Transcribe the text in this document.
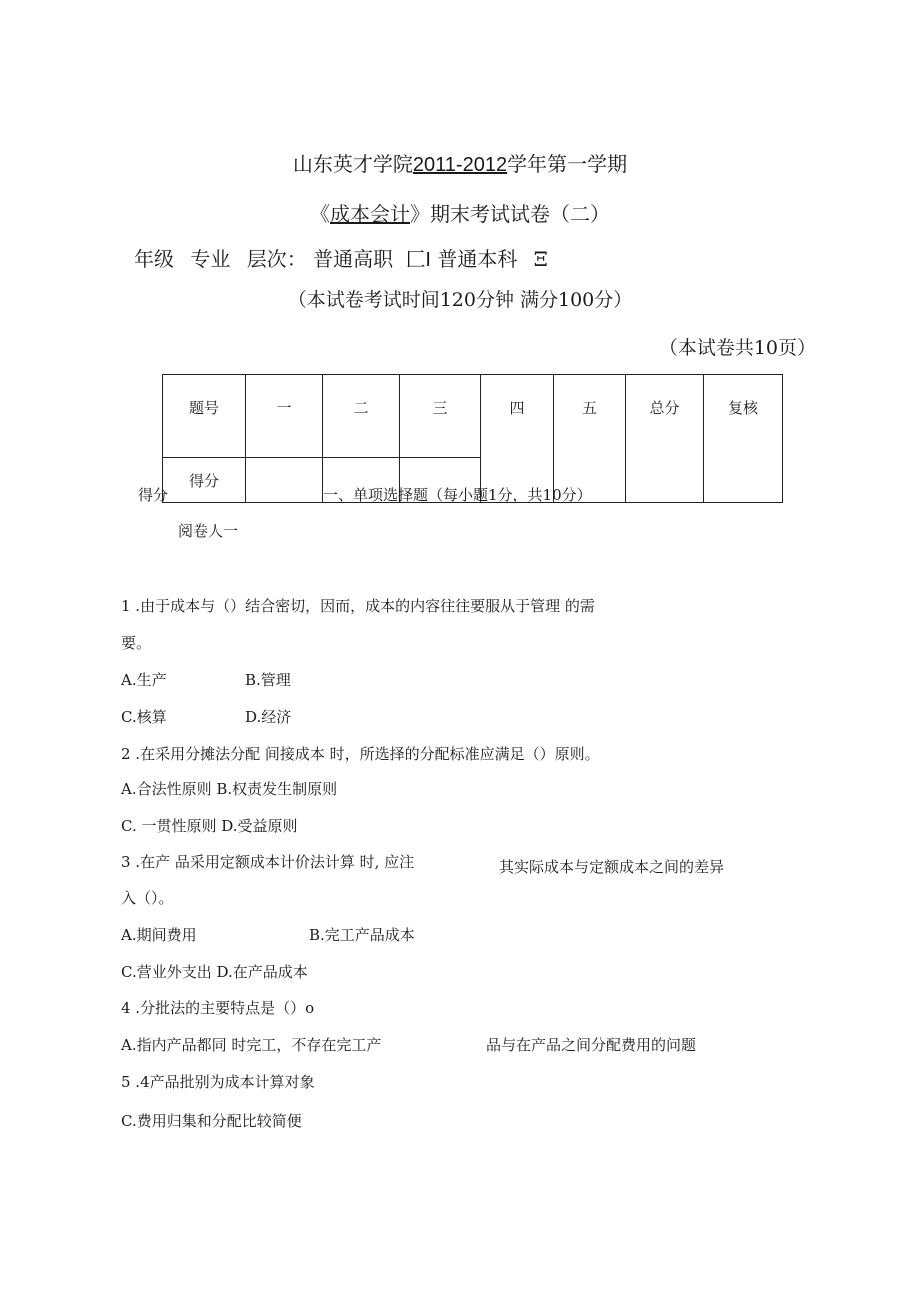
山东英才学院2011-2012学年第一学期
《成本会计》期末考试试卷（二）
年级 专业 层次： 普通高职 匚I 普通本科 Ξ
（本试卷考试时间120分钟 满分100分）
（本试卷共10页）
题号	一	二	三	四	五	总分	复核
得分							
得分	一、单项选择题（每小题1分，共10分）
阅卷人一
1 .由于成本与（）结合密切，因而，成本的内容往往要服从于管理 的需
要。
A.生产	B.管理
C.核算	D.经济
2 .在采用分摊法分配 间接成本 时，所选择的分配标准应满足（）原则。
A.合法性原则 B.权责发生制原则
C. 一贯性原则 D.受益原则
3 .在产 品采用定额成本计价法计算 时, 应注	其实际成本与定额成本之间的差异
入（）。
A.期间费用	B.完工产品成本
C.营业外支出 D.在产品成本
4 .分批法的主要特点是（）o
A.指内产品都同 时完工，不存在完工产	品与在产品之间分配费用的问题
5 .4产品批别为成本计算对象
C.费用归集和分配比较简便
